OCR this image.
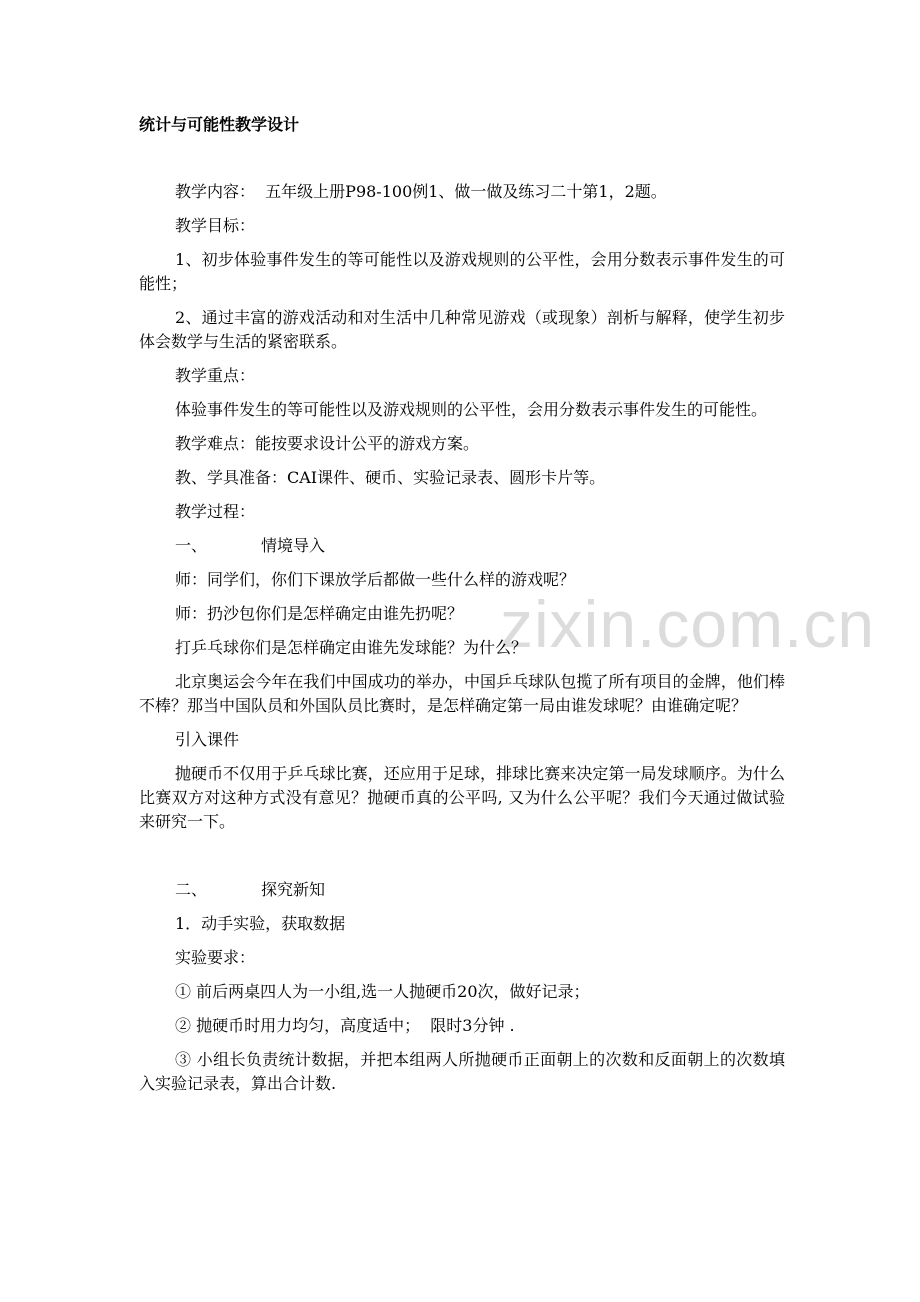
zixin.com.cn
统计与可能性教学设计

教学内容：  五年级上册P98-100例1、做一做及练习二十第1，2题。

教学目标：

1、初步体验事件发生的等可能性以及游戏规则的公平性，会用分数表示事件发生的可能性；

2、通过丰富的游戏活动和对生活中几种常见游戏（或现象）剖析与解释，使学生初步体会数学与生活的紧密联系。

教学重点：

体验事件发生的等可能性以及游戏规则的公平性，会用分数表示事件发生的可能性。

教学难点：能按要求设计公平的游戏方案。

教、学具准备：CAI课件、硬币、实验记录表、圆形卡片等。

教学过程：

一、	情境导入

师：同学们，你们下课放学后都做一些什么样的游戏呢？

师：扔沙包你们是怎样确定由谁先扔呢？

打乒乓球你们是怎样确定由谁先发球能？为什么？

北京奥运会今年在我们中国成功的举办，中国乒乓球队包揽了所有项目的金牌，他们棒不棒？那当中国队员和外国队员比赛时，是怎样确定第一局由谁发球呢？由谁确定呢？

引入课件

抛硬币不仅用于乒乓球比赛，还应用于足球，排球比赛来决定第一局发球顺序。为什么比赛双方对这种方式没有意见？抛硬币真的公平吗, 又为什么公平呢？我们今天通过做试验来研究一下。

二、	探究新知

1．动手实验，获取数据

实验要求：

① 前后两桌四人为一小组,选一人抛硬币20次，做好记录；

② 抛硬币时用力均匀，高度适中；  限时3分钟 .

③ 小组长负责统计数据，并把本组两人所抛硬币正面朝上的次数和反面朝上的次数填入实验记录表，算出合计数.
